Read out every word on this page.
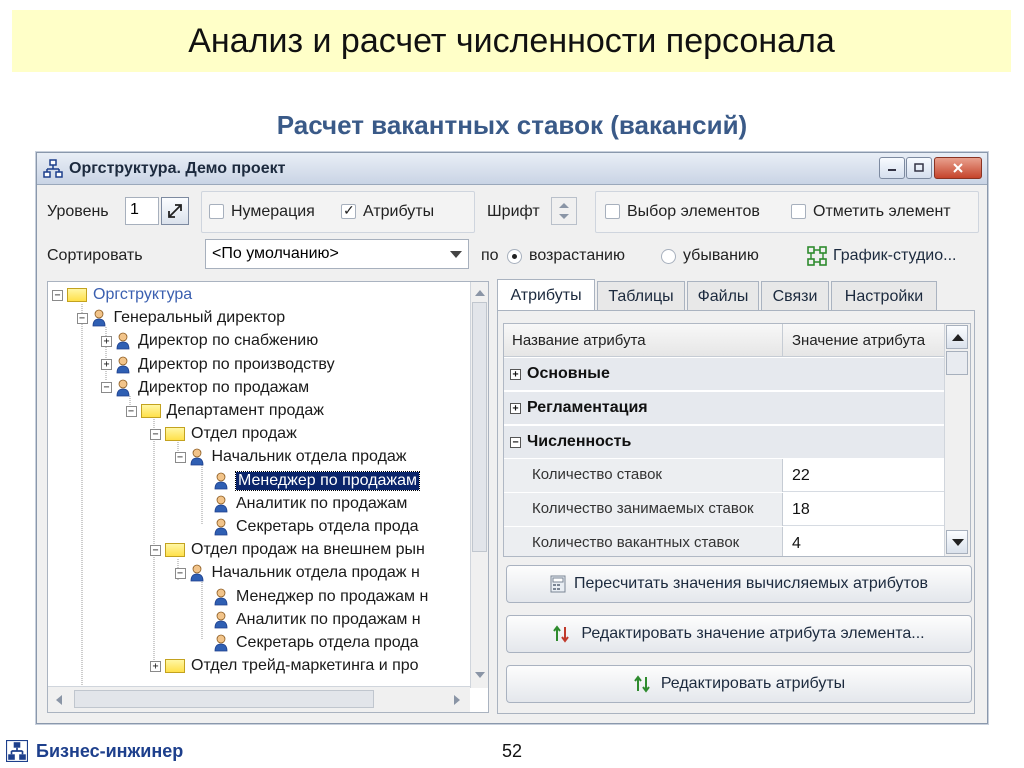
Анализ и расчет численности персонала
Расчет вакантных ставок (вакансий)
Оргструктура. Демо проект
Уровень	1	Нумерация ✓	Атрибуты	Шрифт	Выбор элементов	Отметить элемент
Сортировать	<По умолчанию>	по возрастанию	убыванию	График-студио...
− Оргструктура
− Генеральный директор
+ Директор по снабжению
+ Директор по производству
− Директор по продажам
− Департамент продаж
− Отдел продаж
− Начальник отдела продаж
Менеджер по продажам
Аналитик по продажам
Секретарь отдела прода
− Отдел продаж на внешнем рын
− Начальник отдела продаж н
Менеджер по продажам н
Аналитик по продажам н
Секретарь отдела прода
+ Отдел трейд-маркетинга и про
Атрибуты	Таблицы	Файлы	Связи	Настройки
Название атрибута	Значение атрибута
+ Основные
+ Регламентация
− Численность
Количество ставок	22
Количество занимаемых ставок	18
Количество вакантных ставок	4
Пересчитать значения вычисляемых атрибутов
Редактировать значение атрибута элемента...
Редактировать атрибуты
Бизнес-инжинер	52
